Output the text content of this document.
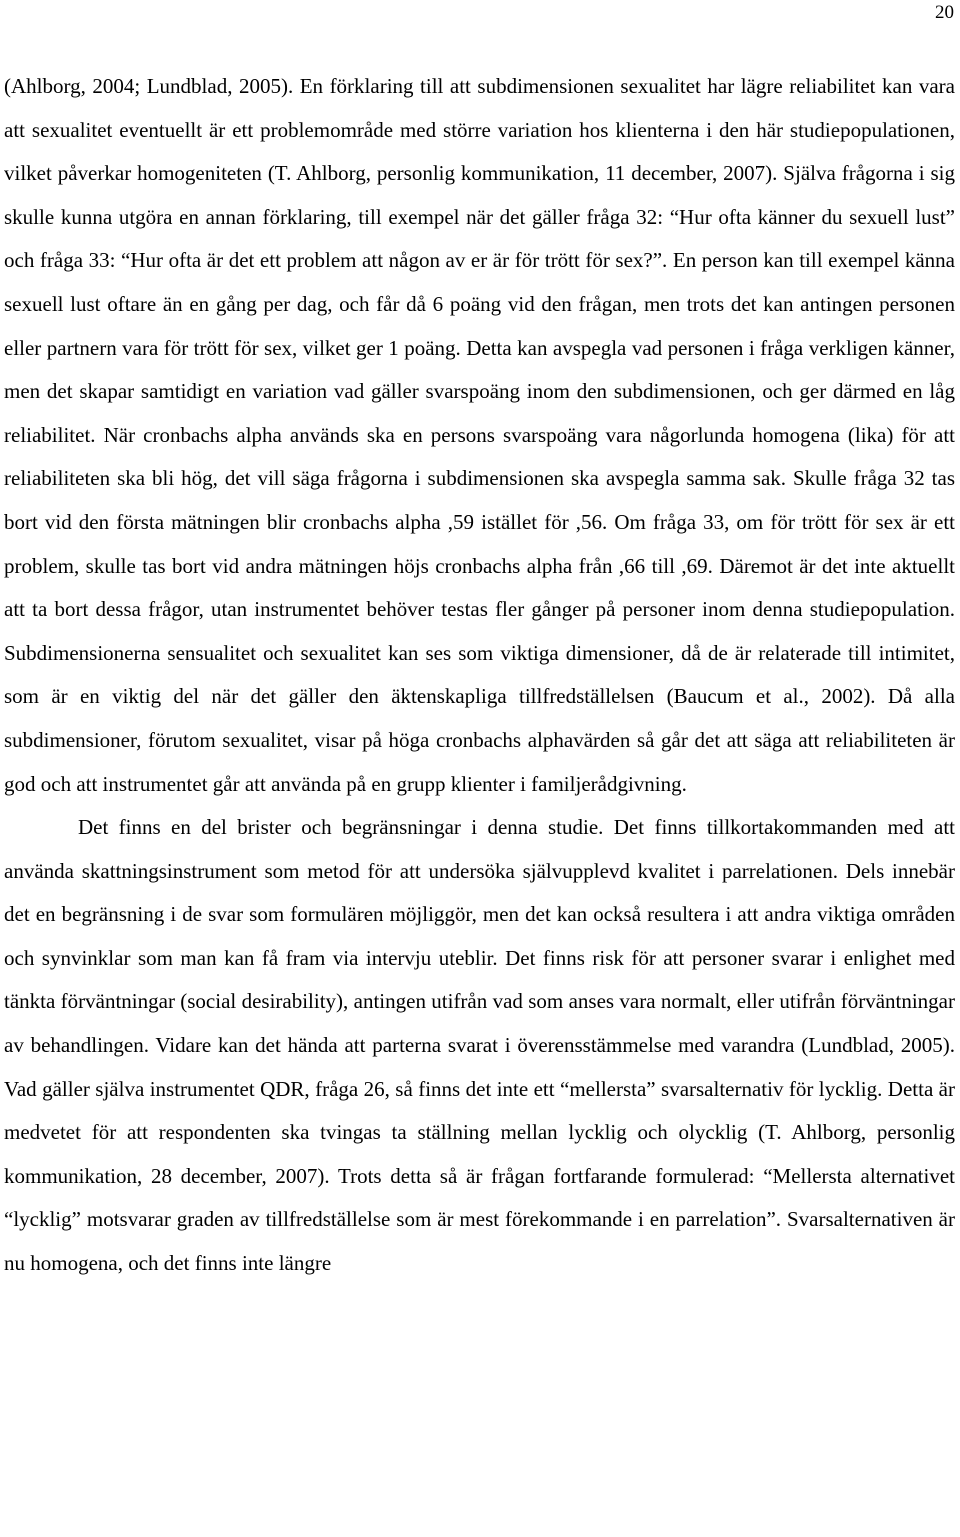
20

(Ahlborg, 2004; Lundblad, 2005). En förklaring till att subdimensionen sexualitet har lägre reliabilitet kan vara att sexualitet eventuellt är ett problemområde med större variation hos klienterna i den här studiepopulationen, vilket påverkar homogeniteten (T. Ahlborg, personlig kommunikation, 11 december, 2007). Själva frågorna i sig skulle kunna utgöra en annan förklaring, till exempel när det gäller fråga 32: “Hur ofta känner du sexuell lust” och fråga 33: “Hur ofta är det ett problem att någon av er är för trött för sex?”. En person kan till exempel känna sexuell lust oftare än en gång per dag, och får då 6 poäng vid den frågan, men trots det kan antingen personen eller partnern vara för trött för sex, vilket ger 1 poäng. Detta kan avspegla vad personen i fråga verkligen känner, men det skapar samtidigt en variation vad gäller svarspoäng inom den subdimensionen, och ger därmed en låg reliabilitet. När cronbachs alpha används ska en persons svarspoäng vara någorlunda homogena (lika) för att reliabiliteten ska bli hög, det vill säga frågorna i subdimensionen ska avspegla samma sak. Skulle fråga 32 tas bort vid den första mätningen blir cronbachs alpha ,59 istället för ,56. Om fråga 33, om för trött för sex är ett problem, skulle tas bort vid andra mätningen höjs cronbachs alpha från ,66 till ,69. Däremot är det inte aktuellt att ta bort dessa frågor, utan instrumentet behöver testas fler gånger på personer inom denna studiepopulation. Subdimensionerna sensualitet och sexualitet kan ses som viktiga dimensioner, då de är relaterade till intimitet, som är en viktig del när det gäller den äktenskapliga tillfredställelsen (Baucum et al., 2002). Då alla subdimensioner, förutom sexualitet, visar på höga cronbachs alphavärden så går det att säga att reliabiliteten är god och att instrumentet går att använda på en grupp klienter i familjerådgivning.

Det finns en del brister och begränsningar i denna studie. Det finns tillkortakommanden med att använda skattningsinstrument som metod för att undersöka självupplevd kvalitet i parrelationen. Dels innebär det en begränsning i de svar som formulären möjliggör, men det kan också resultera i att andra viktiga områden och synvinklar som man kan få fram via intervju uteblir. Det finns risk för att personer svarar i enlighet med tänkta förväntningar (social desirability), antingen utifrån vad som anses vara normalt, eller utifrån förväntningar av behandlingen. Vidare kan det hända att parterna svarat i överensstämmelse med varandra (Lundblad, 2005). Vad gäller själva instrumentet QDR, fråga 26, så finns det inte ett “mellersta” svarsalternativ för lycklig. Detta är medvetet för att respondenten ska tvingas ta ställning mellan lycklig och olycklig (T. Ahlborg, personlig kommunikation, 28 december, 2007). Trots detta så är frågan fortfarande formulerad: “Mellersta alternativet “lycklig” motsvarar graden av tillfredställelse som är mest förekommande i en parrelation”. Svarsalternativen är nu homogena, och det finns inte längre
